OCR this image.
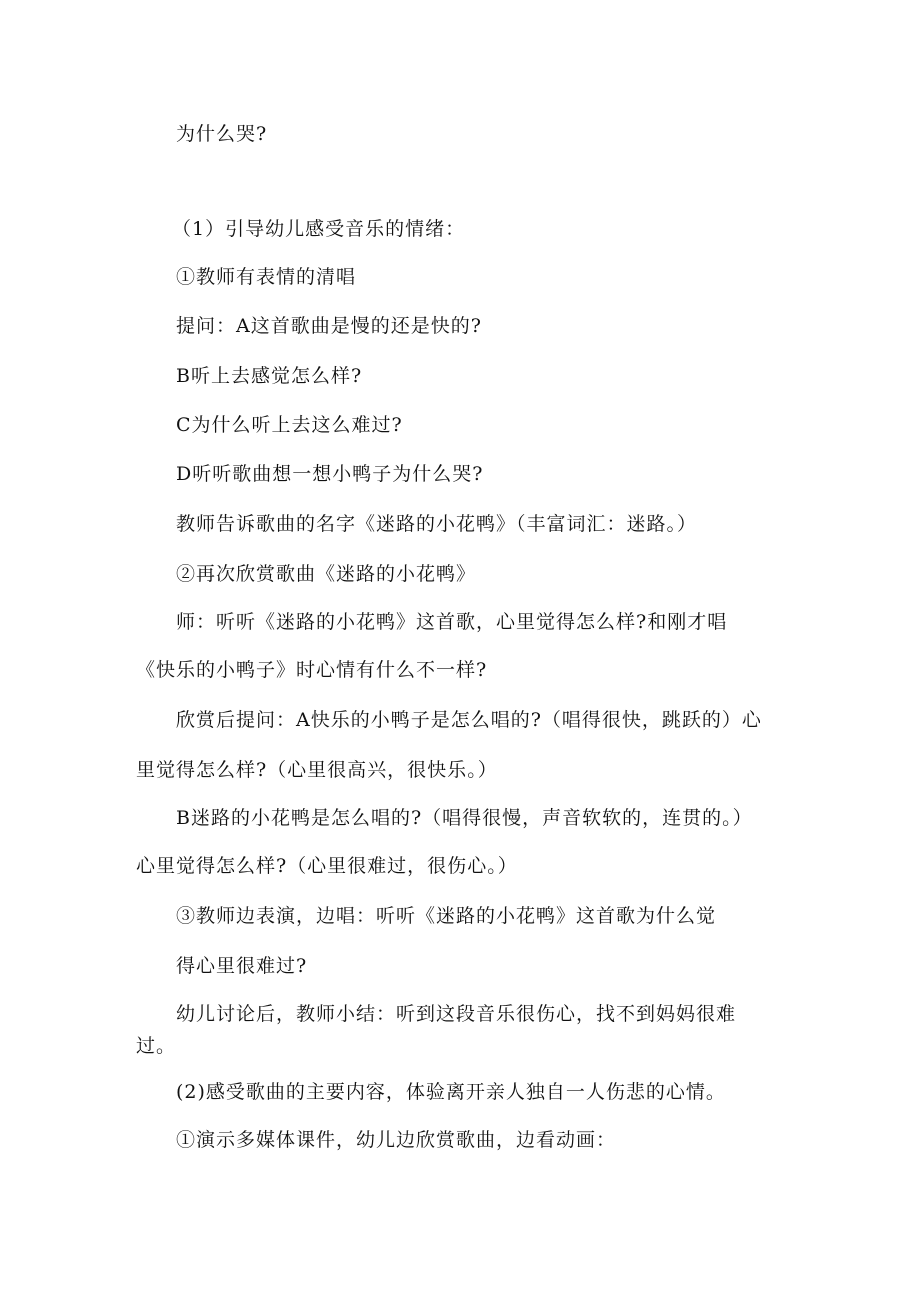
为什么哭?
（1）引导幼儿感受音乐的情绪：
①教师有表情的清唱
提问：A这首歌曲是慢的还是快的?
B听上去感觉怎么样?
C为什么听上去这么难过?
D听听歌曲想一想小鸭子为什么哭?
教师告诉歌曲的名字《迷路的小花鸭》（丰富词汇：迷路。）
②再次欣赏歌曲《迷路的小花鸭》
师：听听《迷路的小花鸭》这首歌，心里觉得怎么样?和刚才唱
《快乐的小鸭子》时心情有什么不一样?
欣赏后提问：A快乐的小鸭子是怎么唱的?（唱得很快，跳跃的）心
里觉得怎么样?（心里很高兴，很快乐。）
B迷路的小花鸭是怎么唱的?（唱得很慢，声音软软的，连贯的。）
心里觉得怎么样?（心里很难过，很伤心。）
③教师边表演，边唱：听听《迷路的小花鸭》这首歌为什么觉
得心里很难过?
幼儿讨论后，教师小结：听到这段音乐很伤心，找不到妈妈很难
过。
(2)感受歌曲的主要内容，体验离开亲人独自一人伤悲的心情。
①演示多媒体课件，幼儿边欣赏歌曲，边看动画：
